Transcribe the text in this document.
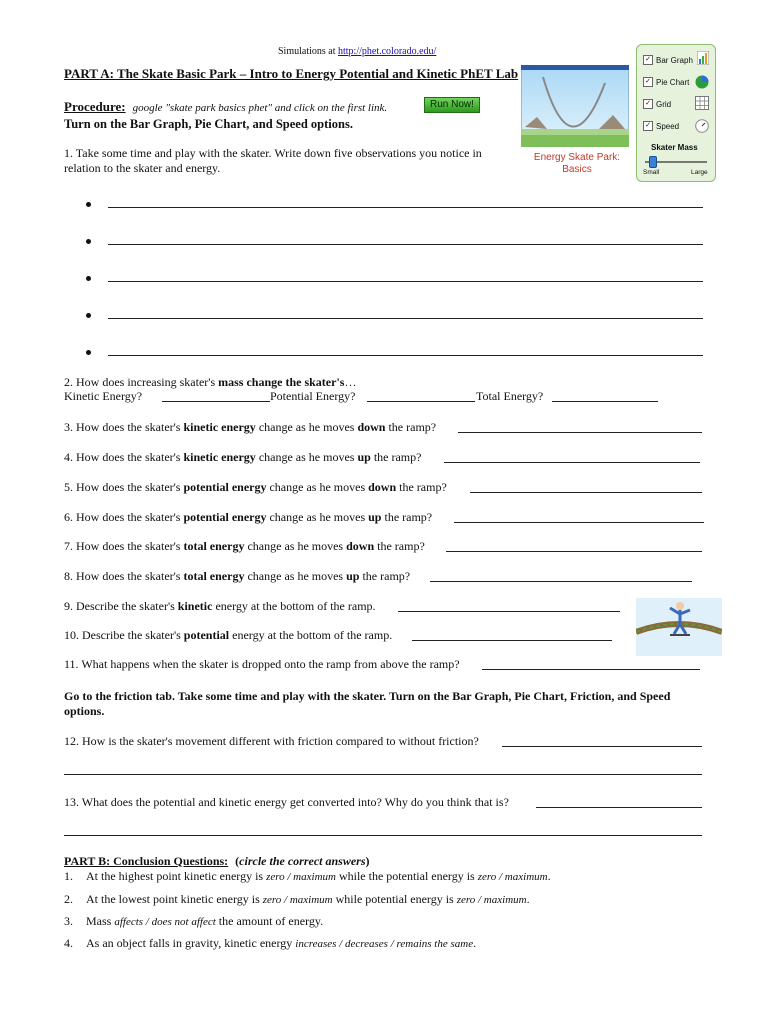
Simulations at http://phet.colorado.edu/
PART A: The Skate Basic Park – Intro to Energy Potential and Kinetic PhET Lab
Procedure: google "skate park basics phet" and click on the first link.	Run Now!
Turn on the Bar Graph, Pie Chart, and Speed options.
Energy Skate Park:
Basics
✓ Bar Graph
✓ Pie Chart
✓ Grid
✓ Speed
Skater Mass
Small	Large
1. Take some time and play with the skater. Write down five observations you notice in
relation to the skater and energy.
2. How does increasing skater's mass change the skater's…
Kinetic Energy?	Potential Energy?	Total Energy?
3. How does the skater's kinetic energy change as he moves down the ramp?
4. How does the skater's kinetic energy change as he moves up the ramp?
5. How does the skater's potential energy change as he moves down the ramp?
6. How does the skater's potential energy change as he moves up the ramp?
7. How does the skater's total energy change as he moves down the ramp?
8. How does the skater's total energy change as he moves up the ramp?
9. Describe the skater's kinetic energy at the bottom of the ramp.
10. Describe the skater's potential energy at the bottom of the ramp.
11. What happens when the skater is dropped onto the ramp from above the ramp?
Go to the friction tab. Take some time and play with the skater. Turn on the Bar Graph, Pie Chart, Friction, and Speed
options.
12. How is the skater's movement different with friction compared to without friction?
13. What does the potential and kinetic energy get converted into? Why do you think that is?
PART B: Conclusion Questions: (circle the correct answers)
1. At the highest point kinetic energy is zero / maximum while the potential energy is zero / maximum.
2. At the lowest point kinetic energy is zero / maximum while potential energy is zero / maximum.
3. Mass affects / does not affect the amount of energy.
4. As an object falls in gravity, kinetic energy increases / decreases / remains the same.
